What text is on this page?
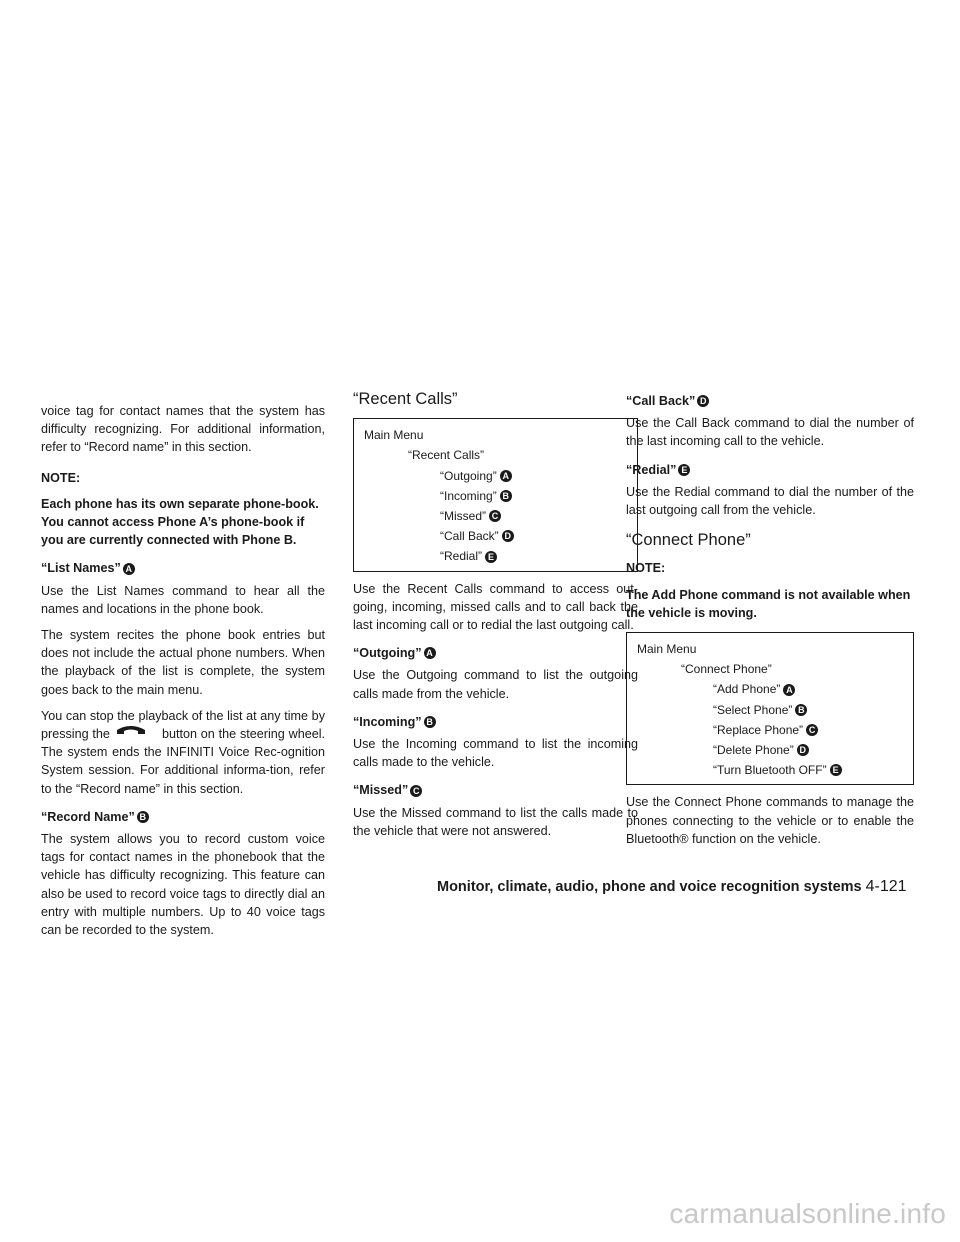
voice tag for contact names that the system has difficulty recognizing. For additional information, refer to “Record name” in this section.

NOTE:
Each phone has its own separate phone-book. You cannot access Phone A’s phone-book if you are currently connected with Phone B.
“List Names” A

Use the List Names command to hear all the names and locations in the phone book.

The system recites the phone book entries but does not include the actual phone numbers. When the playback of the list is complete, the system goes back to the main menu.

You can stop the playback of the list at any time by pressing the	button on the steering wheel. The system ends the INFINITI Voice Rec-ognition System session. For additional informa-tion, refer to the “Record name” in this section.

“Record Name” B

The system allows you to record custom voice tags for contact names in the phonebook that the vehicle has difficulty recognizing. This feature can also be used to record voice tags to directly dial an entry with multiple numbers. Up to 40 voice tags can be recorded to the system.

“Recent Calls”
Main Menu
“Recent Calls”
“Outgoing” A
“Incoming” B
“Missed” C
“Call Back” D
“Redial” E

Use the Recent Calls command to access out-going, incoming, missed calls and to call back the last incoming call or to redial the last outgoing call.

“Outgoing” A

Use the Outgoing command to list the outgoing calls made from the vehicle.

“Incoming” B

Use the Incoming command to list the incoming calls made to the vehicle.

“Missed” C

Use the Missed command to list the calls made to the vehicle that were not answered.

“Call Back” D

Use the Call Back command to dial the number of the last incoming call to the vehicle.

“Redial” E

Use the Redial command to dial the number of the last outgoing call from the vehicle.

“Connect Phone”
NOTE:
The Add Phone command is not available when the vehicle is moving.
Main Menu
“Connect Phone”
“Add Phone” A
“Select Phone” B
“Replace Phone” C
“Delete Phone” D
“Turn Bluetooth OFF” E

Use the Connect Phone commands to manage the phones connecting to the vehicle or to enable the Bluetooth® function on the vehicle.

Monitor, climate, audio, phone and voice recognition systems 4-121
carmanualsonline.info
